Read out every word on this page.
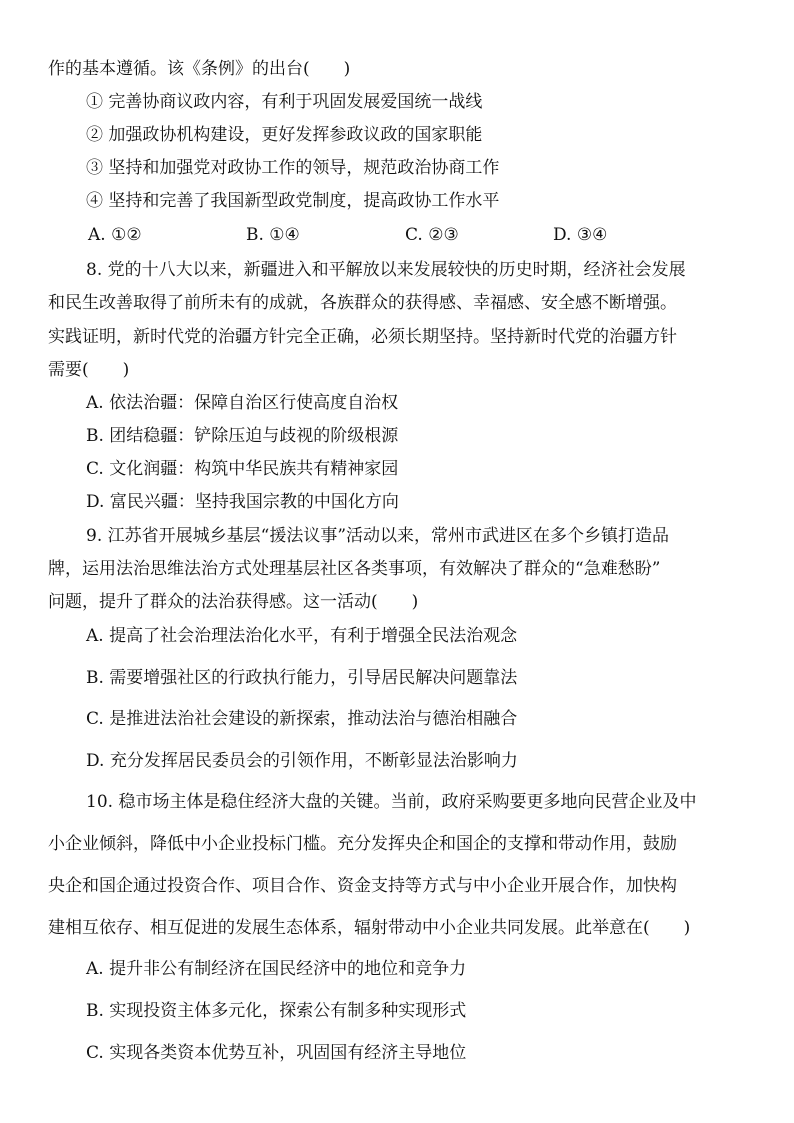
作的基本遵循。该《条例》的出台(　　)
① 完善协商议政内容，有利于巩固发展爱国统一战线
② 加强政协机构建设，更好发挥参政议政的国家职能
③ 坚持和加强党对政协工作的领导，规范政治协商工作
④ 坚持和完善了我国新型政党制度，提高政协工作水平
A. ①②	B. ①④	C. ②③	D. ③④
8. 党的十八大以来，新疆进入和平解放以来发展较快的历史时期，经济社会发展
和民生改善取得了前所未有的成就，各族群众的获得感、幸福感、安全感不断增强。
实践证明，新时代党的治疆方针完全正确，必须长期坚持。坚持新时代党的治疆方针
需要(　　)
A. 依法治疆：保障自治区行使高度自治权
B. 团结稳疆：铲除压迫与歧视的阶级根源
C. 文化润疆：构筑中华民族共有精神家园
D. 富民兴疆：坚持我国宗教的中国化方向
9. 江苏省开展城乡基层“援法议事”活动以来，常州市武进区在多个乡镇打造品
牌，运用法治思维法治方式处理基层社区各类事项，有效解决了群众的“急难愁盼”
问题，提升了群众的法治获得感。这一活动(　　)
A. 提高了社会治理法治化水平，有利于增强全民法治观念
B. 需要增强社区的行政执行能力，引导居民解决问题靠法
C. 是推进法治社会建设的新探索，推动法治与德治相融合
D. 充分发挥居民委员会的引领作用，不断彰显法治影响力
10. 稳市场主体是稳住经济大盘的关键。当前，政府采购要更多地向民营企业及中
小企业倾斜，降低中小企业投标门槛。充分发挥央企和国企的支撑和带动作用，鼓励
央企和国企通过投资合作、项目合作、资金支持等方式与中小企业开展合作，加快构
建相互依存、相互促进的发展生态体系，辐射带动中小企业共同发展。此举意在(　　)
A. 提升非公有制经济在国民经济中的地位和竞争力
B. 实现投资主体多元化，探索公有制多种实现形式
C. 实现各类资本优势互补，巩固国有经济主导地位
